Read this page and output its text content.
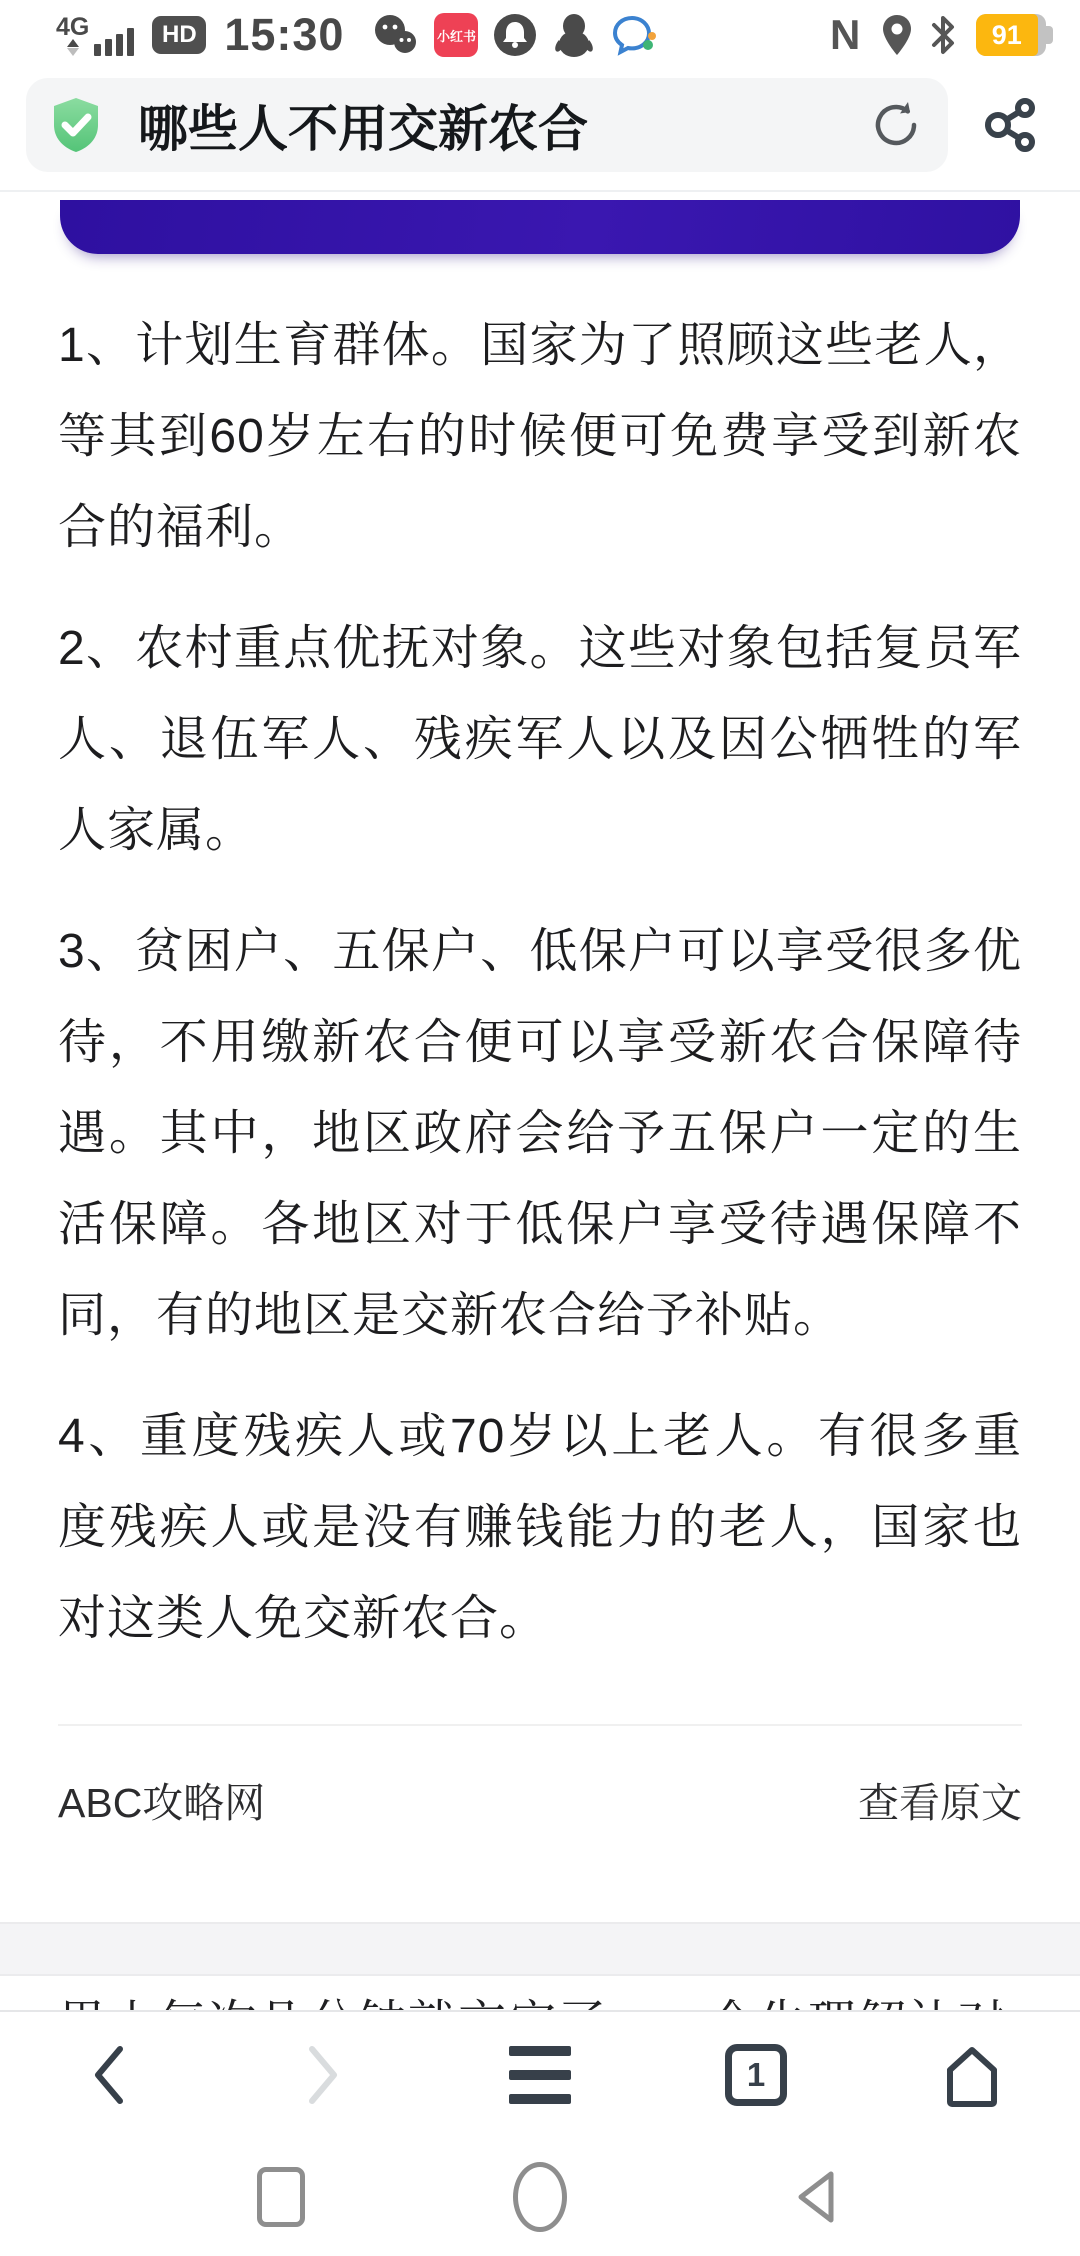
4G	HD 15:30	小红书	N	91
哪些人不用交新农合

1、计划生育群体。国家为了照顾这些老人，等其到60岁左右的时候便可免费享受到新农合的福利。

2、农村重点优抚对象。这些对象包括复员军人、退伍军人、残疾军人以及因公牺牲的军人家属。

3、贫困户、五保户、低保户可以享受很多优待，不用缴新农合便可以享受新农合保障待遇。其中，地区政府会给予五保户一定的生活保障。各地区对于低保户享受待遇保障不同，有的地区是交新农合给予补贴。

4、重度残疾人或70岁以上老人。有很多重度残疾人或是没有赚钱能力的老人，国家也对这类人免交新农合。

ABC攻略网	查看原文

1
